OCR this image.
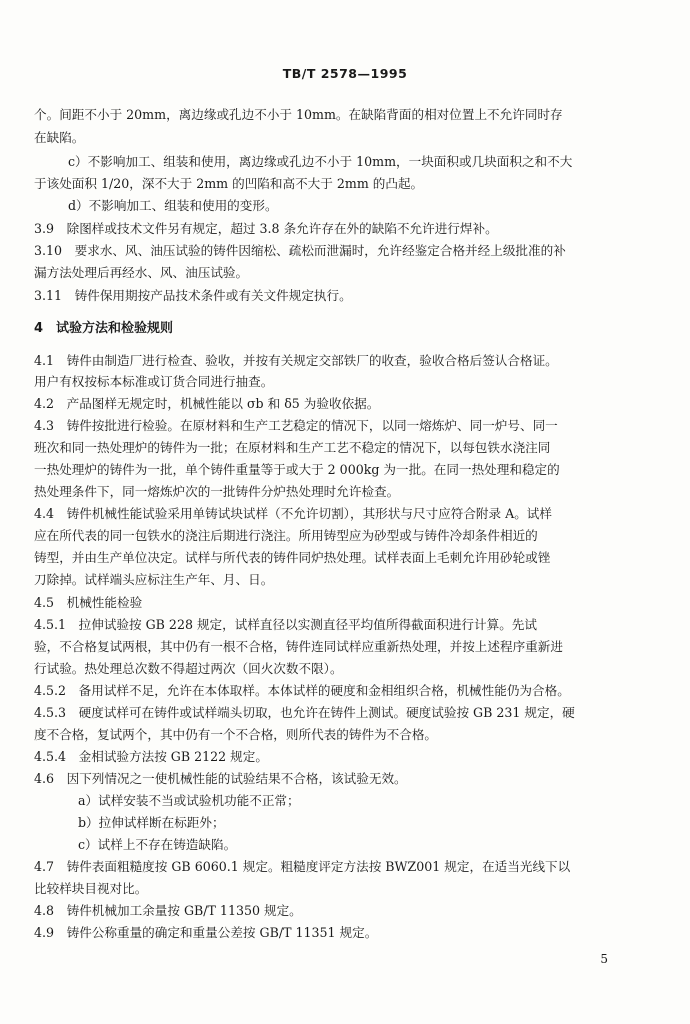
TB/T 2578—1995
个。间距不小于 20mm，离边缘或孔边不小于 10mm。在缺陷背面的相对位置上不允许同时存
在缺陷。
c）不影响加工、组装和使用，离边缘或孔边不小于 10mm，一块面积或几块面积之和不大
于该处面积 1/20，深不大于 2mm 的凹陷和高不大于 2mm 的凸起。
d）不影响加工、组装和使用的变形。
3.9　除图样或技术文件另有规定，超过 3.8 条允许存在外的缺陷不允许进行焊补。
3.10　要求水、风、油压试验的铸件因缩松、疏松而泄漏时，允许经鉴定合格并经上级批准的补
漏方法处理后再经水、风、油压试验。
3.11　铸件保用期按产品技术条件或有关文件规定执行。
4　试验方法和检验规则
4.1　铸件由制造厂进行检查、验收，并按有关规定交部铁厂的收查，验收合格后签认合格证。
用户有权按标本标准或订货合同进行抽查。
4.2　产品图样无规定时，机械性能以 σb 和 δ5 为验收依据。
4.3　铸件按批进行检验。在原材料和生产工艺稳定的情况下，以同一熔炼炉、同一炉号、同一
班次和同一热处理炉的铸件为一批；在原材料和生产工艺不稳定的情况下，以每包铁水浇注同
一热处理炉的铸件为一批，单个铸件重量等于或大于 2 000kg 为一批。在同一热处理和稳定的
热处理条件下，同一熔炼炉次的一批铸件分炉热处理时允许检查。
4.4　铸件机械性能试验采用单铸试块试样（不允许切割），其形状与尺寸应符合附录 A。试样
应在所代表的同一包铁水的浇注后期进行浇注。所用铸型应为砂型或与铸件冷却条件相近的
铸型，并由生产单位决定。试样与所代表的铸件同炉热处理。试样表面上毛刺允许用砂轮或锉
刀除掉。试样端头应标注生产年、月、日。
4.5　机械性能检验
4.5.1　拉伸试验按 GB 228 规定，试样直径以实测直径平均值所得截面积进行计算。先试
验，不合格复试两根，其中仍有一根不合格，铸件连同试样应重新热处理，并按上述程序重新进
行试验。热处理总次数不得超过两次（回火次数不限）。
4.5.2　备用试样不足，允许在本体取样。本体试样的硬度和金相组织合格，机械性能仍为合格。
4.5.3　硬度试样可在铸件或试样端头切取，也允许在铸件上测试。硬度试验按 GB 231 规定，硬
度不合格，复试两个，其中仍有一个不合格，则所代表的铸件为不合格。
4.5.4　金相试验方法按 GB 2122 规定。
4.6　因下列情况之一使机械性能的试验结果不合格，该试验无效。
a）试样安装不当或试验机功能不正常；
b）拉伸试样断在标距外；
c）试样上不存在铸造缺陷。
4.7　铸件表面粗糙度按 GB 6060.1 规定。粗糙度评定方法按 BWZ001 规定，在适当光线下以
比较样块目视对比。
4.8　铸件机械加工余量按 GB/T 11350 规定。
4.9　铸件公称重量的确定和重量公差按 GB/T 11351 规定。
5
